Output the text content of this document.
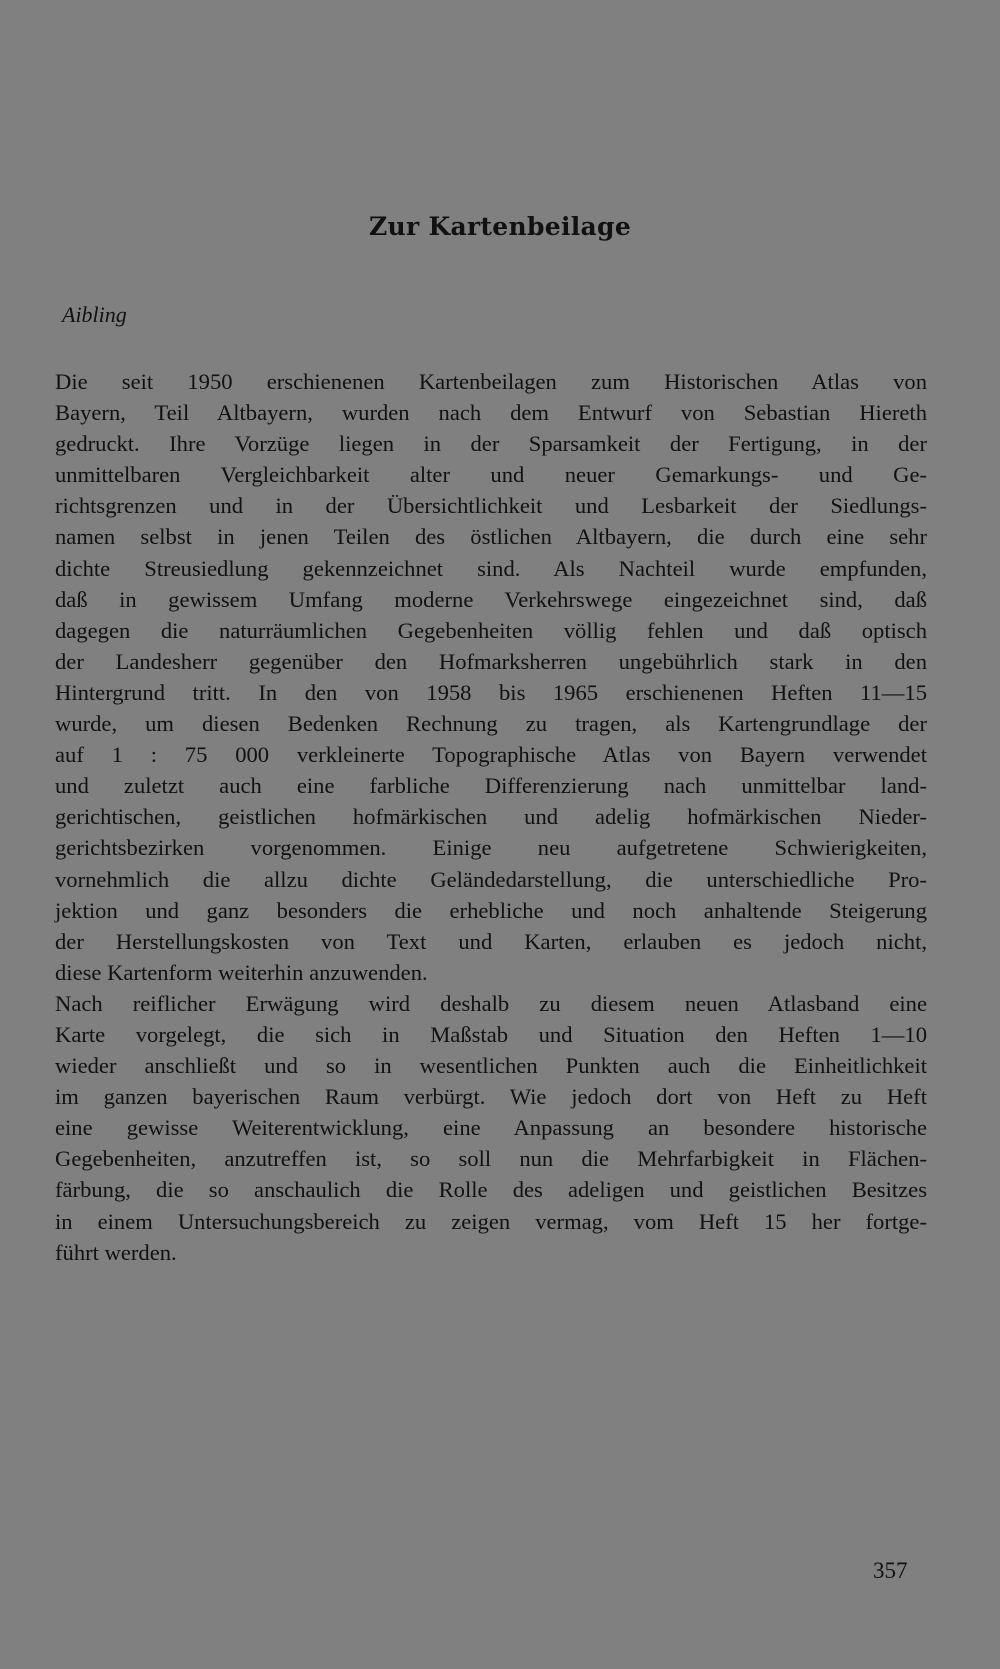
Zur Kartenbeilage
Aibling
Die seit 1950 erschienenen Kartenbeilagen zum Historischen Atlas von
Bayern, Teil Altbayern, wurden nach dem Entwurf von Sebastian Hiereth
gedruckt. Ihre Vorzüge liegen in der Sparsamkeit der Fertigung, in der
unmittelbaren Vergleichbarkeit alter und neuer Gemarkungs- und Ge-
richtsgrenzen und in der Übersichtlichkeit und Lesbarkeit der Siedlungs-
namen selbst in jenen Teilen des östlichen Altbayern, die durch eine sehr
dichte Streusiedlung gekennzeichnet sind. Als Nachteil wurde empfunden,
daß in gewissem Umfang moderne Verkehrswege eingezeichnet sind, daß
dagegen die naturräumlichen Gegebenheiten völlig fehlen und daß optisch
der Landesherr gegenüber den Hofmarksherren ungebührlich stark in den
Hintergrund tritt. In den von 1958 bis 1965 erschienenen Heften 11—15
wurde, um diesen Bedenken Rechnung zu tragen, als Kartengrundlage der
auf 1 : 75 000 verkleinerte Topographische Atlas von Bayern verwendet
und zuletzt auch eine farbliche Differenzierung nach unmittelbar land-
gerichtischen, geistlichen hofmärkischen und adelig hofmärkischen Nieder-
gerichtsbezirken vorgenommen. Einige neu aufgetretene Schwierigkeiten,
vornehmlich die allzu dichte Geländedarstellung, die unterschiedliche Pro-
jektion und ganz besonders die erhebliche und noch anhaltende Steigerung
der Herstellungskosten von Text und Karten, erlauben es jedoch nicht,
diese Kartenform weiterhin anzuwenden.
Nach reiflicher Erwägung wird deshalb zu diesem neuen Atlasband eine
Karte vorgelegt, die sich in Maßstab und Situation den Heften 1—10
wieder anschließt und so in wesentlichen Punkten auch die Einheitlichkeit
im ganzen bayerischen Raum verbürgt. Wie jedoch dort von Heft zu Heft
eine gewisse Weiterentwicklung, eine Anpassung an besondere historische
Gegebenheiten, anzutreffen ist, so soll nun die Mehrfarbigkeit in Flächen-
färbung, die so anschaulich die Rolle des adeligen und geistlichen Besitzes
in einem Untersuchungsbereich zu zeigen vermag, vom Heft 15 her fortge-
führt werden.
357
